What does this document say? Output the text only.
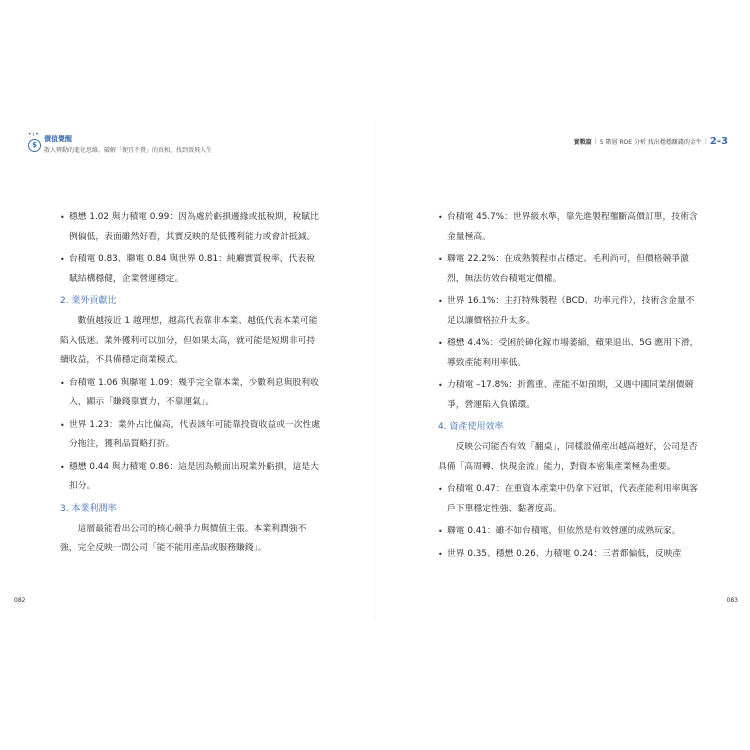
•ı•
$
價值覺醒
散人辨動的進化思維，破解「便宜不貴」的真相，找到賣飛人生
實戰篇 | 5 階層 ROE 分析 找出穩穩賺錢的金牛 | 2-3
• 穩懋 1.02 與力積電 0.99：因為處於虧損邊緣或抵稅期，稅賦比例偏低，表面雖然好看，其實反映的是低獲利能力或會計抵減。
• 台積電 0.83、聯電 0.84 與世界 0.81：純廳實質稅率，代表稅賦結構穩健，企業營運穩定。
2. 業外貢獻比
數值越接近 1 越理想，越高代表靠非本業、越低代表本業可能陷入低迷。業外獲利可以加分，但如果太高，就可能是短期非可持續收益，不具備穩定商業模式。
• 台積電 1.06 與聯電 1.09：幾乎完全靠本業，少數利息與股利收入，顯示「賺錢靠實力，不靠運氣」。
• 世界 1.23：業外占比偏高，代表該年可能靠投資收益或一次性處分拖注，獲利品質略打折。
• 穩懋 0.44 與力積電 0.86：這是因為帳面出現業外虧損，這是大扣分。
3. 本業利潤率
這層最能看出公司的核心競爭力與價值主張。本業利潤強不強，完全反映一間公司「能不能用產品或服務賺錢」。
• 台積電 45.7%：世界級水準，靠先進製程壟斷高價訂單，技術含金量極高。
• 聯電 22.2%：在成熟製程市占穩定、毛利尚可，但價格競爭激烈，無法仿效台積電定價權。
• 世界 16.1%：主打特殊製程（BCD、功率元件），技術含金量不足以讓價格拉升太多。
• 穩懋 4.4%：受困於砷化鎵市場萎縮，蘋果退出、5G 應用下滑，導致產能利用率低。
• 力積電 –17.8%：折舊重、產能不如預期，又遇中國同業削價競爭，營運陷入負循環。
4. 資產使用效率
反映公司能否有效「翻桌」，同樣設備產出越高越好，公司是否具備「高周轉、快現金流」能力，對資本密集產業極為重要。
• 台積電 0.47：在重資本產業中仍拿下冠軍，代表產能利用率與客戶下單穩定性強、黏著度高。
• 聯電 0.41：雖不如台積電，但依然是有效營運的成熟玩家。
• 世界 0.35、穩懋 0.26、力積電 0.24：三者都偏低，反映產
082	083
